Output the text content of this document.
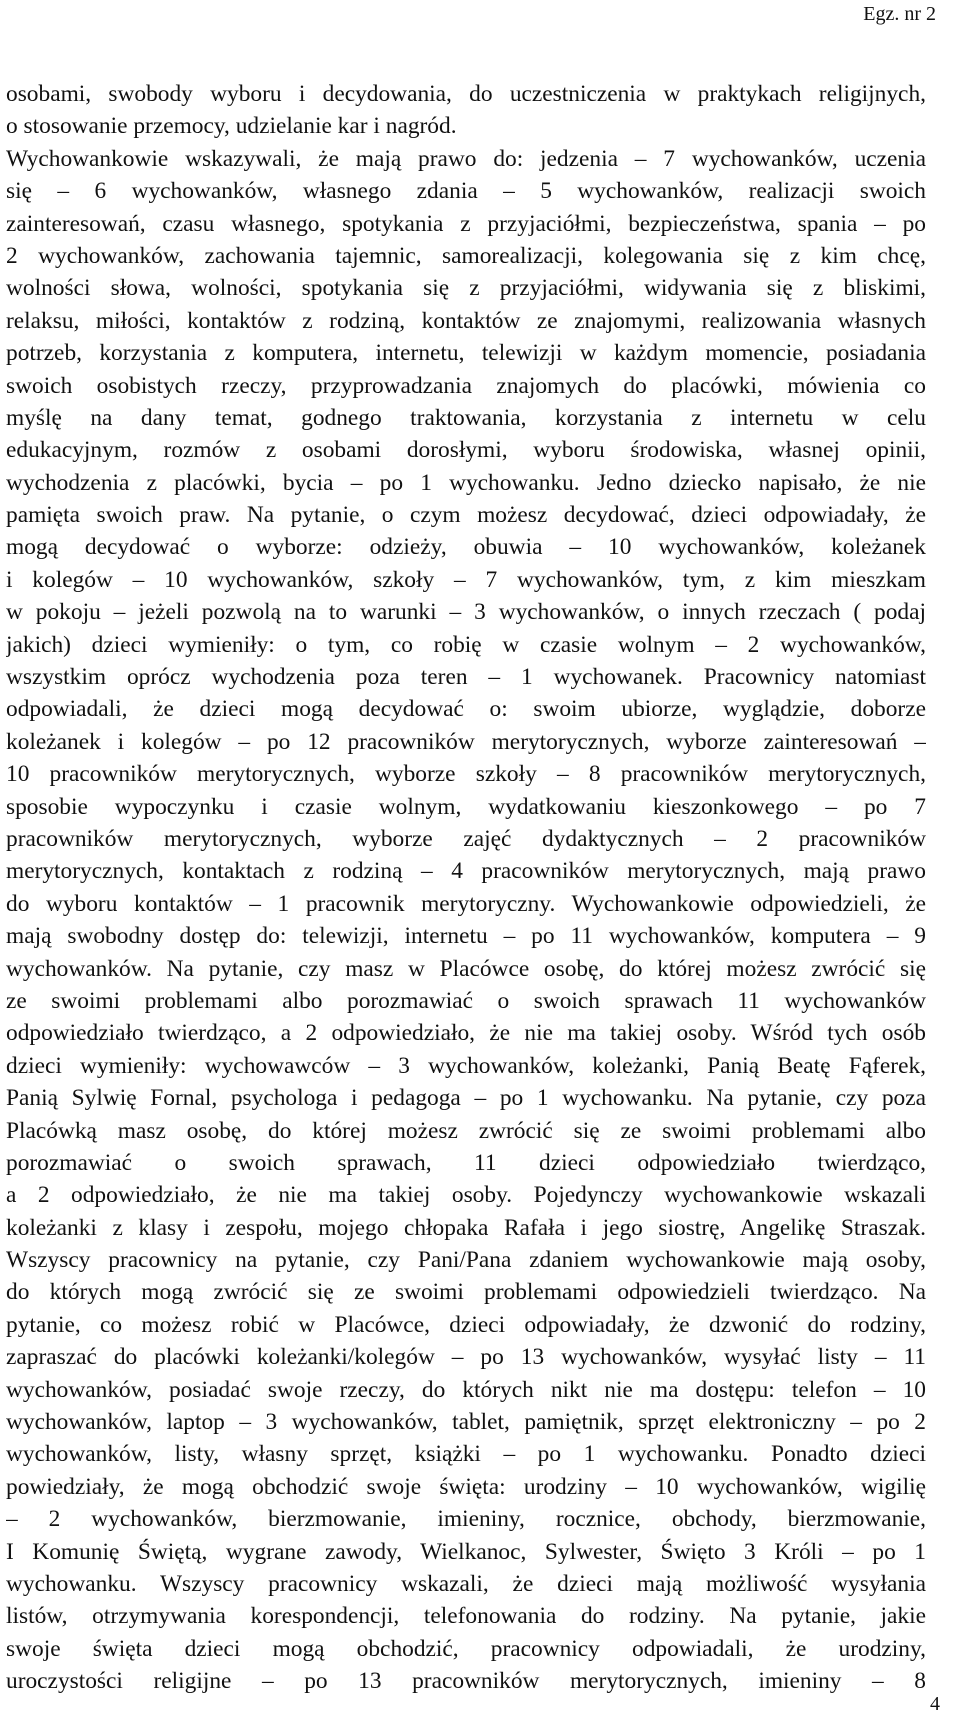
Egz. nr 2
osobami, swobody wyboru i decydowania, do uczestniczenia w praktykach religijnych,
o stosowanie przemocy, udzielanie kar i nagród.
Wychowankowie wskazywali, że mają prawo do: jedzenia – 7 wychowanków, uczenia
się – 6 wychowanków, własnego zdania – 5 wychowanków, realizacji swoich
zainteresowań, czasu własnego, spotykania z przyjaciółmi, bezpieczeństwa, spania – po
2 wychowanków, zachowania tajemnic, samorealizacji, kolegowania się z kim chcę,
wolności słowa, wolności, spotykania się z przyjaciółmi, widywania się z bliskimi,
relaksu, miłości, kontaktów z rodziną, kontaktów ze znajomymi, realizowania własnych
potrzeb, korzystania z komputera, internetu, telewizji w każdym momencie, posiadania
swoich osobistych rzeczy, przyprowadzania znajomych do placówki, mówienia co
myślę na dany temat, godnego traktowania, korzystania z internetu w celu
edukacyjnym, rozmów z osobami dorosłymi, wyboru środowiska, własnej opinii,
wychodzenia z placówki, bycia – po 1 wychowanku. Jedno dziecko napisało, że nie
pamięta swoich praw. Na pytanie, o czym możesz decydować, dzieci odpowiadały, że
mogą decydować o wyborze: odzieży, obuwia – 10 wychowanków, koleżanek
i kolegów – 10 wychowanków, szkoły – 7 wychowanków, tym, z kim mieszkam
w pokoju – jeżeli pozwolą na to warunki – 3 wychowanków, o innych rzeczach ( podaj
jakich) dzieci wymieniły: o tym, co robię w czasie wolnym – 2 wychowanków,
wszystkim oprócz wychodzenia poza teren – 1 wychowanek. Pracownicy natomiast
odpowiadali, że dzieci mogą decydować o: swoim ubiorze, wyglądzie, doborze
koleżanek i kolegów – po 12 pracowników merytorycznych, wyborze zainteresowań –
10 pracowników merytorycznych, wyborze szkoły – 8 pracowników merytorycznych,
sposobie wypoczynku i czasie wolnym, wydatkowaniu kieszonkowego – po 7
pracowników merytorycznych, wyborze zajęć dydaktycznych – 2 pracowników
merytorycznych, kontaktach z rodziną – 4 pracowników merytorycznych, mają prawo
do wyboru kontaktów – 1 pracownik merytoryczny. Wychowankowie odpowiedzieli, że
mają swobodny dostęp do: telewizji, internetu – po 11 wychowanków, komputera – 9
wychowanków. Na pytanie, czy masz w Placówce osobę, do której możesz zwrócić się
ze swoimi problemami albo porozmawiać o swoich sprawach 11 wychowanków
odpowiedziało twierdząco, a 2 odpowiedziało, że nie ma takiej osoby. Wśród tych osób
dzieci wymieniły: wychowawców – 3 wychowanków, koleżanki, Panią Beatę Fąferek,
Panią Sylwię Fornal, psychologa i pedagoga – po 1 wychowanku. Na pytanie, czy poza
Placówką masz osobę, do której możesz zwrócić się ze swoimi problemami albo
porozmawiać o swoich sprawach, 11 dzieci odpowiedziało twierdząco,
a 2 odpowiedziało, że nie ma takiej osoby. Pojedynczy wychowankowie wskazali
koleżanki z klasy i zespołu, mojego chłopaka Rafała i jego siostrę, Angelikę Straszak.
Wszyscy pracownicy na pytanie, czy Pani/Pana zdaniem wychowankowie mają osoby,
do których mogą zwrócić się ze swoimi problemami odpowiedzieli twierdząco. Na
pytanie, co możesz robić w Placówce, dzieci odpowiadały, że dzwonić do rodziny,
zapraszać do placówki koleżanki/kolegów – po 13 wychowanków, wysyłać listy – 11
wychowanków, posiadać swoje rzeczy, do których nikt nie ma dostępu: telefon – 10
wychowanków, laptop – 3 wychowanków, tablet, pamiętnik, sprzęt elektroniczny – po 2
wychowanków, listy, własny sprzęt, książki – po 1 wychowanku. Ponadto dzieci
powiedziały, że mogą obchodzić swoje święta: urodziny – 10 wychowanków, wigilię
– 2 wychowanków, bierzmowanie, imieniny, rocznice, obchody, bierzmowanie,
I Komunię Świętą, wygrane zawody, Wielkanoc, Sylwester, Święto 3 Króli – po 1
wychowanku. Wszyscy pracownicy wskazali, że dzieci mają możliwość wysyłania
listów, otrzymywania korespondencji, telefonowania do rodziny. Na pytanie, jakie
swoje święta dzieci mogą obchodzić, pracownicy odpowiadali, że urodziny,
uroczystości religijne – po 13 pracowników merytorycznych, imieniny – 8
4
